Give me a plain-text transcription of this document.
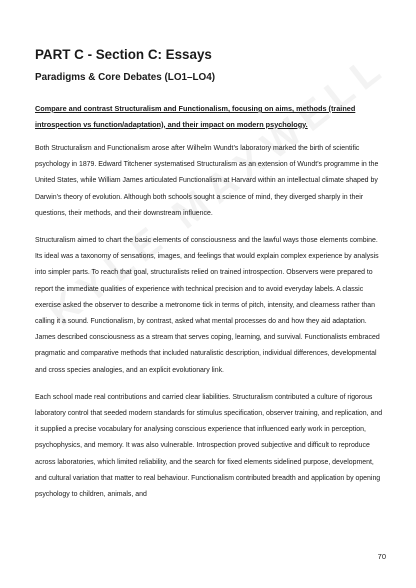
PART C - Section C: Essays
Paradigms & Core Debates (LO1–LO4)
Compare and contrast Structuralism and Functionalism, focusing on aims, methods (trained introspection vs function/adaptation), and their impact on modern psychology.

Both Structuralism and Functionalism arose after Wilhelm Wundt’s laboratory marked the birth of scientific psychology in 1879. Edward Titchener systematised Structuralism as an extension of Wundt’s programme in the United States, while William James articulated Functionalism at Harvard within an intellectual climate shaped by Darwin’s theory of evolution. Although both schools sought a science of mind, they diverged sharply in their questions, their methods, and their downstream influence.

Structuralism aimed to chart the basic elements of consciousness and the lawful ways those elements combine. Its ideal was a taxonomy of sensations, images, and feelings that would explain complex experience by analysis into simpler parts. To reach that goal, structuralists relied on trained introspection. Observers were prepared to report the immediate qualities of experience with technical precision and to avoid everyday labels. A classic exercise asked the observer to describe a metronome tick in terms of pitch, intensity, and clearness rather than calling it a sound. Functionalism, by contrast, asked what mental processes do and how they aid adaptation. James described consciousness as a stream that serves coping, learning, and survival. Functionalists embraced pragmatic and comparative methods that included naturalistic description, individual differences, developmental and cross species analogies, and an explicit evolutionary link.

Each school made real contributions and carried clear liabilities. Structuralism contributed a culture of rigorous laboratory control that seeded modern standards for stimulus specification, observer training, and replication, and it supplied a precise vocabulary for analysing conscious experience that influenced early work in perception, psychophysics, and memory. It was also vulnerable. Introspection proved subjective and difficult to reproduce across laboratories, which limited reliability, and the search for fixed elements sidelined purpose, development, and cultural variation that matter to real behaviour. Functionalism contributed breadth and application by opening psychology to children, animals, and

70
